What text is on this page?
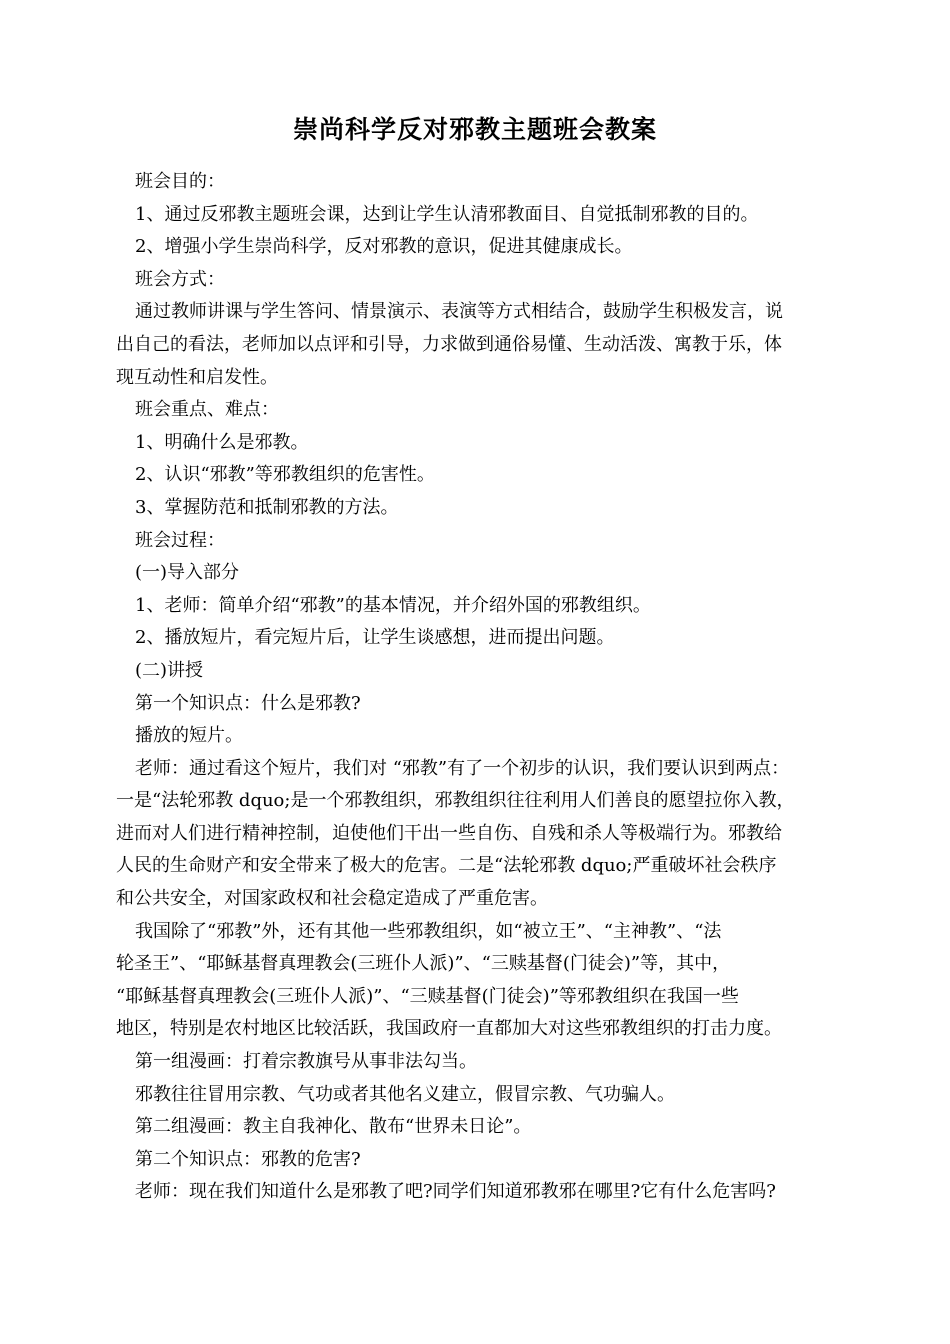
崇尚科学反对邪教主题班会教案
班会目的：
1、通过反邪教主题班会课，达到让学生认清邪教面目、自觉抵制邪教的目的。
2、增强小学生崇尚科学，反对邪教的意识，促进其健康成长。
班会方式：
通过教师讲课与学生答问、情景演示、表演等方式相结合，鼓励学生积极发言，说
出自己的看法，老师加以点评和引导，力求做到通俗易懂、生动活泼、寓教于乐，体
现互动性和启发性。
班会重点、难点：
1、明确什么是邪教。
2、认识“邪教”等邪教组织的危害性。
3、掌握防范和抵制邪教的方法。
班会过程：
(一)导入部分
1、老师：简单介绍“邪教”的基本情况，并介绍外国的邪教组织。
2、播放短片，看完短片后，让学生谈感想，进而提出问题。
(二)讲授
第一个知识点：什么是邪教?
播放的短片。
老师：通过看这个短片，我们对 “邪教”有了一个初步的认识，我们要认识到两点：
一是“法轮邪教 dquo;是一个邪教组织，邪教组织往往利用人们善良的愿望拉你入教，
进而对人们进行精神控制，迫使他们干出一些自伤、自残和杀人等极端行为。邪教给
人民的生命财产和安全带来了极大的危害。二是“法轮邪教 dquo;严重破坏社会秩序
和公共安全，对国家政权和社会稳定造成了严重危害。
我国除了“邪教”外，还有其他一些邪教组织，如“被立王”、“主神教”、“法
轮圣王”、“耶稣基督真理教会(三班仆人派)”、“三赎基督(门徒会)”等，其中，
“耶稣基督真理教会(三班仆人派)”、“三赎基督(门徒会)”等邪教组织在我国一些
地区，特别是农村地区比较活跃，我国政府一直都加大对这些邪教组织的打击力度。
第一组漫画：打着宗教旗号从事非法勾当。
邪教往往冒用宗教、气功或者其他名义建立，假冒宗教、气功骗人。
第二组漫画：教主自我神化、散布“世界未日论”。
第二个知识点：邪教的危害?
老师：现在我们知道什么是邪教了吧?同学们知道邪教邪在哪里?它有什么危害吗?
